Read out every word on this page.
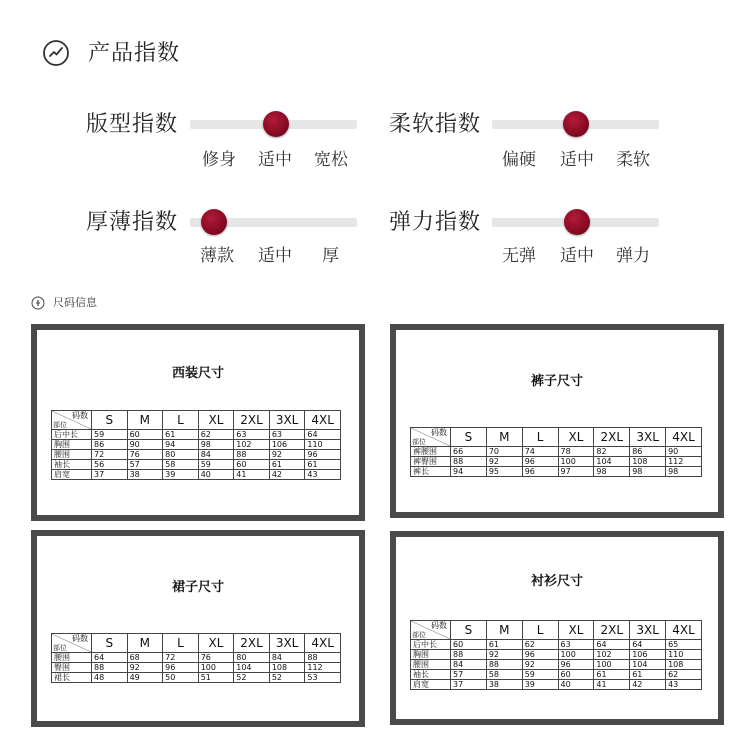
产品指数
版型指数
修身 适中 宽松
柔软指数
偏硬 适中 柔软
厚薄指数
薄款 适中 厚
弹力指数
无弹 适中 弹力
尺码信息
西装尺寸
码数
部位	S	M	L	XL	2XL	3XL	4XL
后中长	59	60	61	62	63	63	64
胸围	86	90	94	98	102	106	110
腰围	72	76	80	84	88	92	96
袖长	56	57	58	59	60	61	61
肩宽	37	38	39	40	41	42	43
裤子尺寸
码数
部位	S	M	L	XL	2XL	3XL	4XL
裤腰围	66	70	74	78	82	86	90
裤臀围	88	92	96	100	104	108	112
裤长	94	95	96	97	98	98	98
裙子尺寸
码数
部位	S	M	L	XL	2XL	3XL	4XL
腰围	64	68	72	76	80	84	88
臀围	88	92	96	100	104	108	112
裙长	48	49	50	51	52	52	53
衬衫尺寸
码数
部位	S	M	L	XL	2XL	3XL	4XL
后中长	60	61	62	63	64	64	65
胸围	88	92	96	100	102	106	110
腰围	84	88	92	96	100	104	108
袖长	57	58	59	60	61	61	62
肩宽	37	38	39	40	41	42	43
